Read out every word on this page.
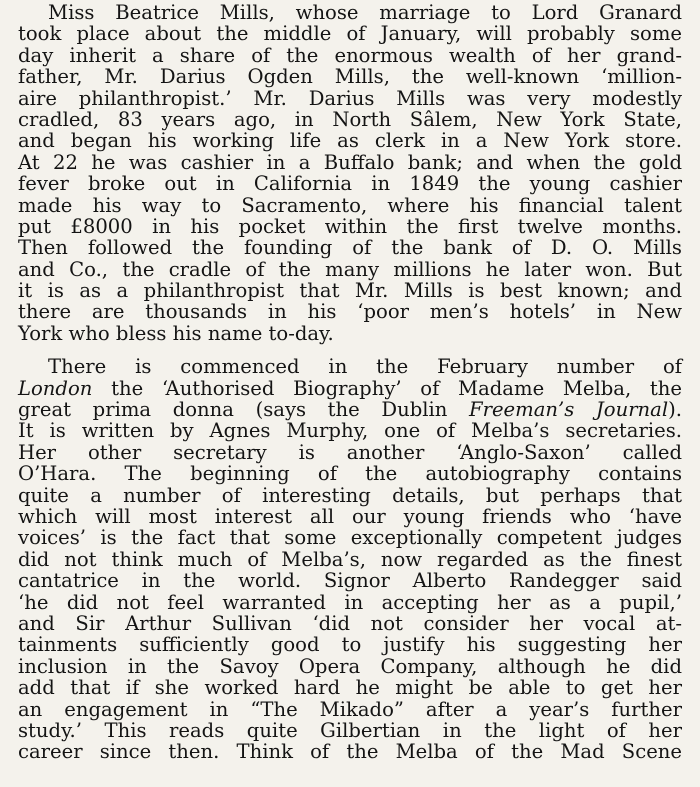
Miss Beatrice Mills, whose marriage to Lord Granard
took place about the middle of January, will probably some
day inherit a share of the enormous wealth of her grand-
father, Mr. Darius Ogden Mills, the well-known ‘million-
aire philanthropist.’ Mr. Darius Mills was very modestly
cradled, 83 years ago, in North Sâlem, New York State,
and began his working life as clerk in a New York store.
At 22 he was cashier in a Buffalo bank; and when the gold
fever broke out in California in 1849 the young cashier
made his way to Sacramento, where his financial talent
put £8000 in his pocket within the first twelve months.
Then followed the founding of the bank of D. O. Mills
and Co., the cradle of the many millions he later won. But
it is as a philanthropist that Mr. Mills is best known; and
there are thousands in his ‘poor men’s hotels’ in New
York who bless his name to-day.
There is commenced in the February number of
London the ‘Authorised Biography’ of Madame Melba, the
great prima donna (says the Dublin Freeman’s Journal).
It is written by Agnes Murphy, one of Melba’s secretaries.
Her other secretary is another ‘Anglo-Saxon’ called
O’Hara. The beginning of the autobiography contains
quite a number of interesting details, but perhaps that
which will most interest all our young friends who ‘have
voices’ is the fact that some exceptionally competent judges
did not think much of Melba’s, now regarded as the finest
cantatrice in the world. Signor Alberto Randegger said
‘he did not feel warranted in accepting her as a pupil,’
and Sir Arthur Sullivan ‘did not consider her vocal at-
tainments sufficiently good to justify his suggesting her
inclusion in the Savoy Opera Company, although he did
add that if she worked hard he might be able to get her
an engagement in “The Mikado” after a year’s further
study.’ This reads quite Gilbertian in the light of her
career since then. Think of the Melba of the Mad Scene
